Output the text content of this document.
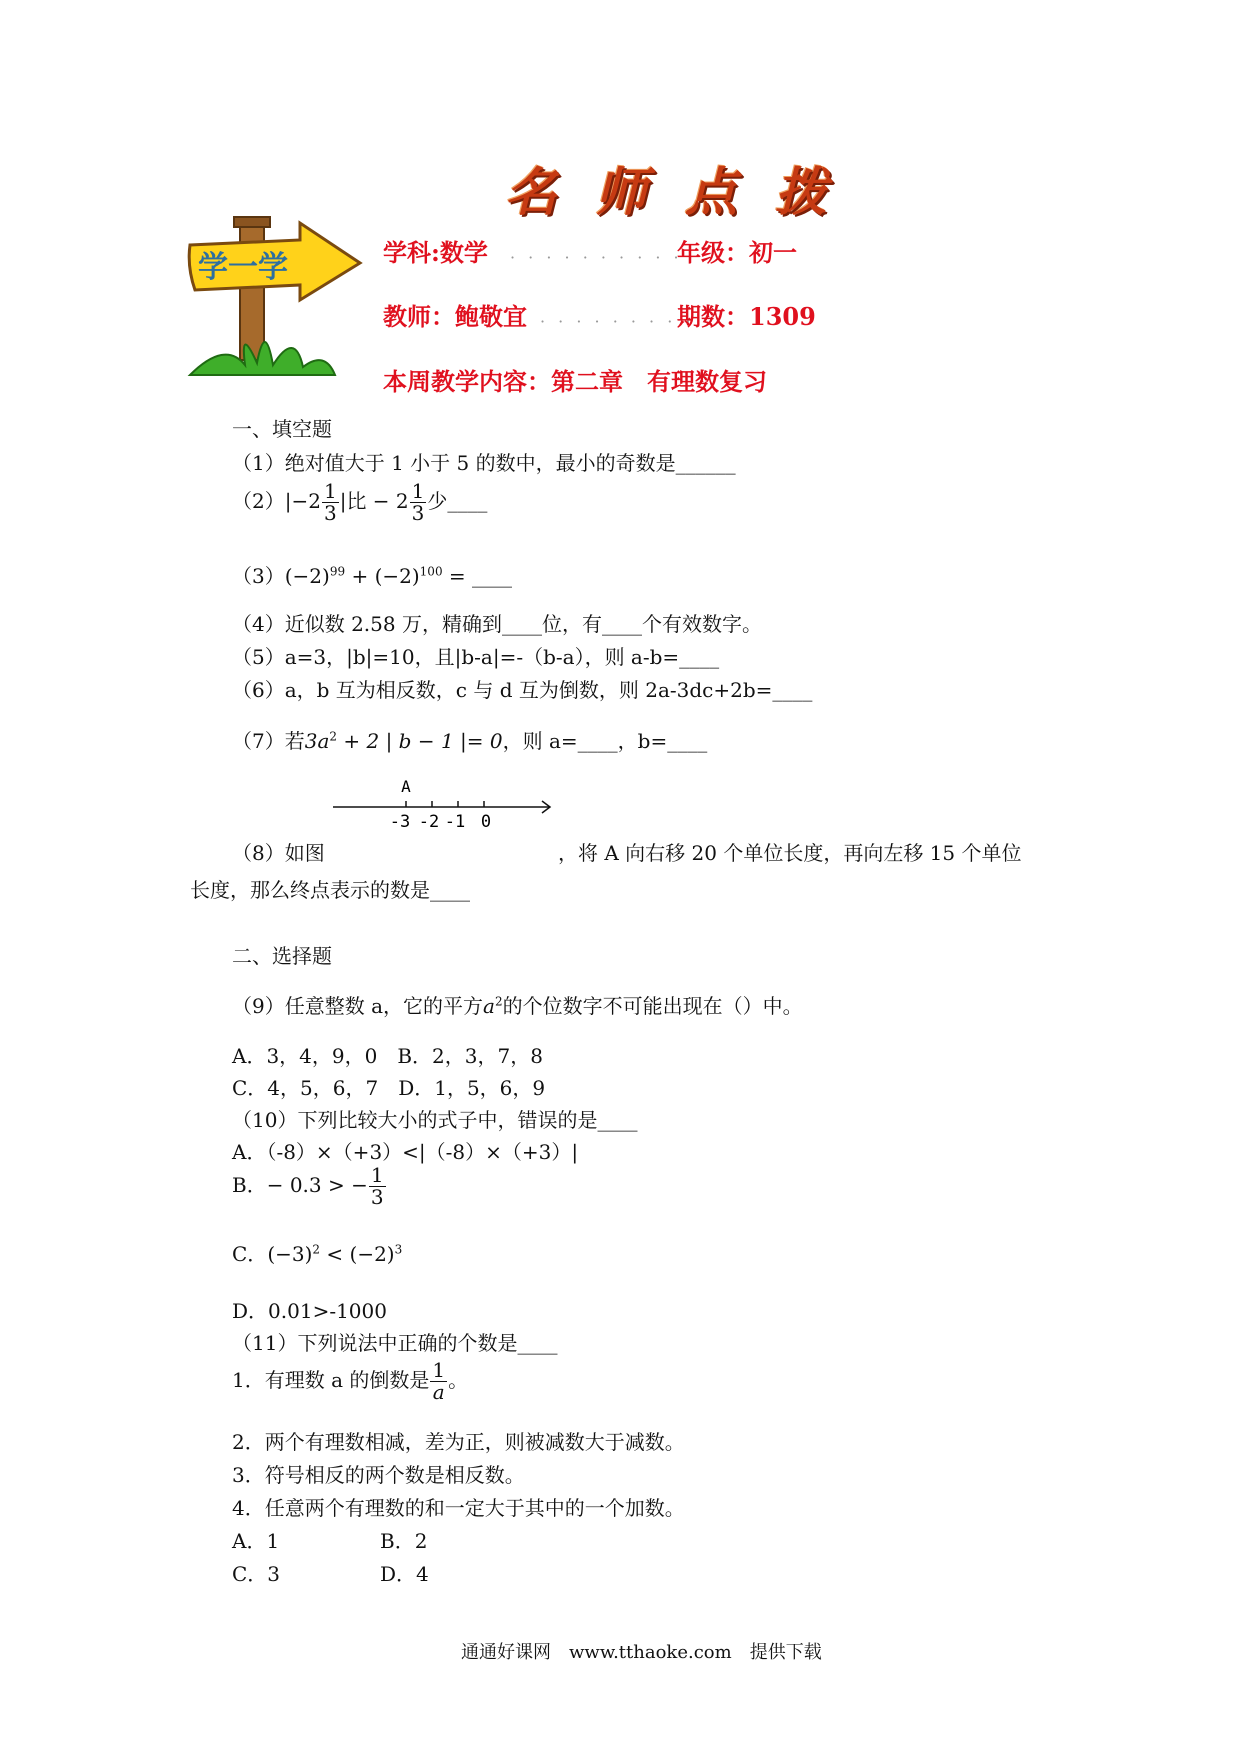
名师点拨
学一学	学科:数学 · · · · · · · · · ·
年级：初一
教师：鲍敬宜 · · · · · · · · ·
期数：1309
本周教学内容：第二章　有理数复习
一、填空题
（1）绝对值大于 1 小于 5 的数中，最小的奇数是______
$(2)|-2 \frac{1}{3}$ |比 − $2 \frac{1}{3}$ 少____
$(3)(-2)^{99} + (-2)^{100}$ = ____
（4）近似数 2.58 万，精确到____位，有____个有效数字。
（5）a=3，|b|=10，且|b-a|=-（b-a），则 a-b=____
（6）a，b 互为相反数，c 与 d 互为倒数，则 2a-3dc+2b=____
（7）若$3a^2 + 2$ | b − 1 |= 0，则 a=____，b=____
A
-3 -2 -1 0
（8）如图	，将 A 向右移 20 个单位长度，再向左移 15 个单位
长度，那么终点表示的数是____
二、选择题
（9）任意整数 a，它的平方$a^2$的个位数字不可能出现在（）中。
A．3，4，9，0　B．2，3，7，8
C．4，5，6，7　D．1，5，6，9
（10）下列比较大小的式子中，错误的是____
A．（-8）×（+3）<|（-8）×（+3）|
B．− 0.3 > − $\frac{1}{3}$
C．$(-3)^2 < (-2)^3$
D．0.01>-1000
（11）下列说法中正确的个数是____
1．有理数 a 的倒数是 $\frac{1}{a}$ 。
2．两个有理数相减，差为正，则被减数大于减数。
3．符号相反的两个数是相反数。
4．任意两个有理数的和一定大于其中的一个加数。
A．1	B．2
C．3	D．4
通通好课网　www.tthaoke.com　提供下载
